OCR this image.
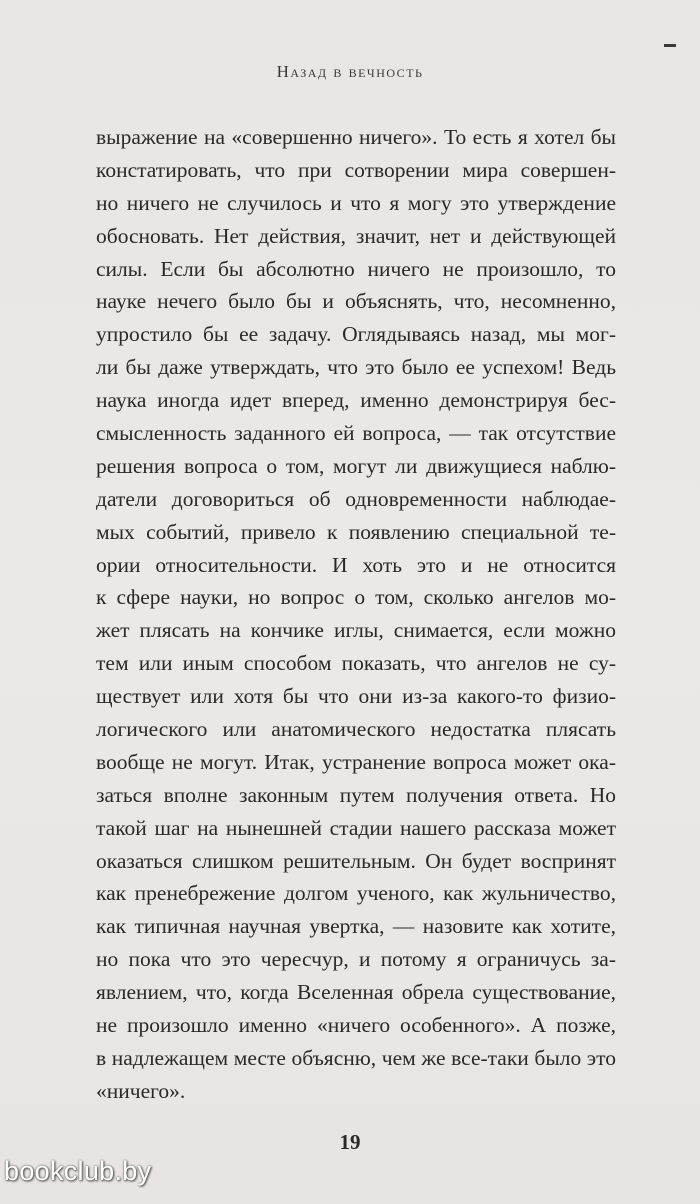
Назад в вечность

выражение на «совершенно ничего». То есть я хотел бы
констатировать, что при сотворении мира совершен-
но ничего не случилось и что я могу это утверждение
обосновать. Нет действия, значит, нет и действующей
силы. Если бы абсолютно ничего не произошло, то
науке нечего было бы и объяснять, что, несомненно,
упростило бы ее задачу. Оглядываясь назад, мы мог-
ли бы даже утверждать, что это было ее успехом! Ведь
наука иногда идет вперед, именно демонстрируя бес-
смысленность заданного ей вопроса, — так отсутствие
решения вопроса о том, могут ли движущиеся наблю-
датели договориться об одновременности наблюдае-
мых событий, привело к появлению специальной те-
ории относительности. И хоть это и не относится
к сфере науки, но вопрос о том, сколько ангелов мо-
жет плясать на кончике иглы, снимается, если можно
тем или иным способом показать, что ангелов не су-
ществует или хотя бы что они из-за какого-то физио-
логического или анатомического недостатка плясать
вообще не могут. Итак, устранение вопроса может ока-
заться вполне законным путем получения ответа. Но
такой шаг на нынешней стадии нашего рассказа может
оказаться слишком решительным. Он будет воспринят
как пренебрежение долгом ученого, как жульничество,
как типичная научная увертка, — назовите как хотите,
но пока что это чересчур, и потому я ограничусь за-
явлением, что, когда Вселенная обрела существование,
не произошло именно «ничего особенного». А позже,
в надлежащем месте объясню, чем же все-таки было это
«ничего».

19
bookclub.by
